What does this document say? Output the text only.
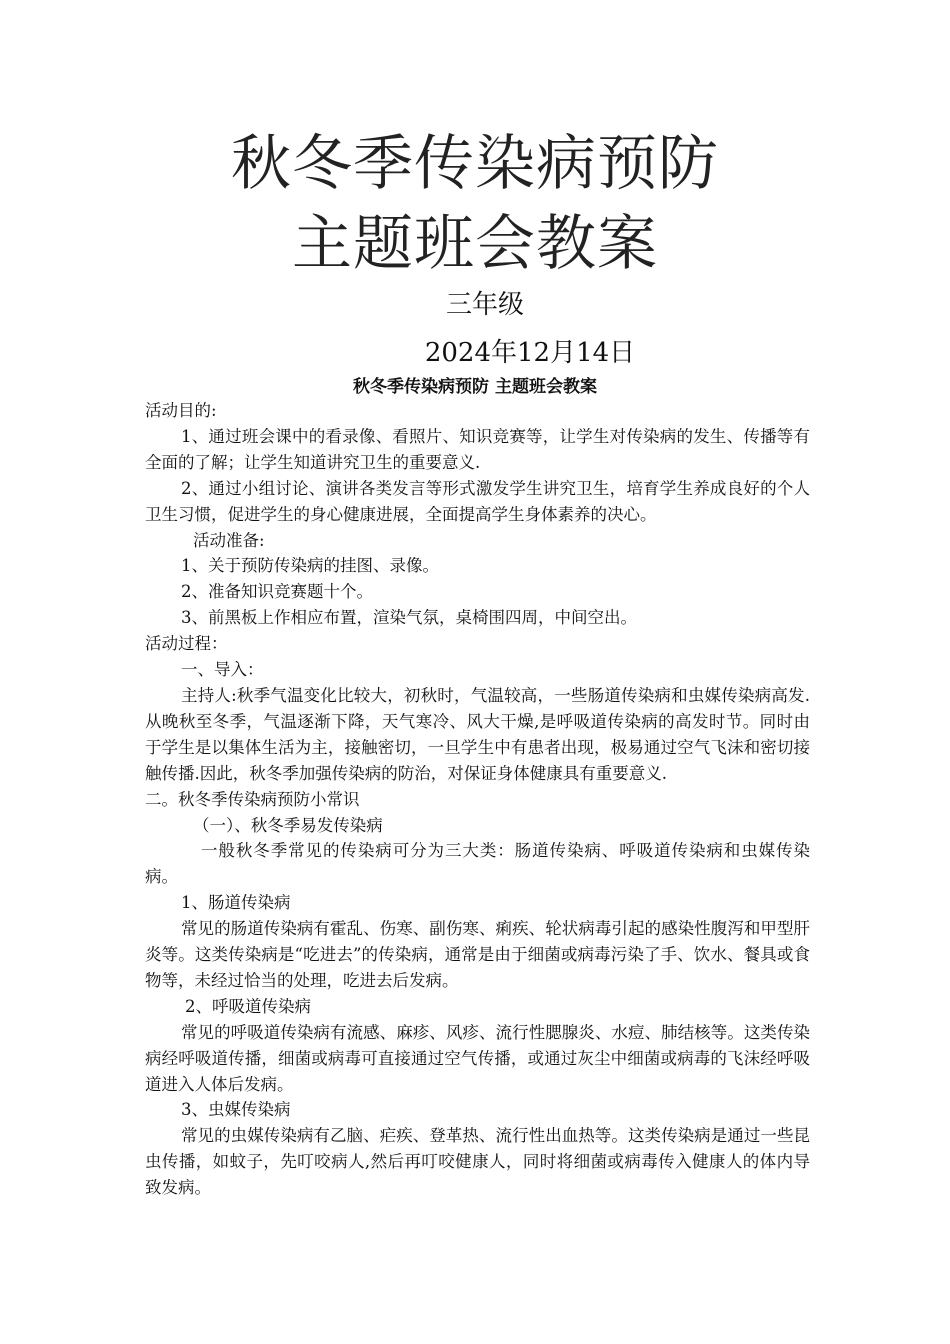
秋冬季传染病预防
主题班会教案
三年级
2024年12月14日
秋冬季传染病预防 主题班会教案

活动目的:

1、通过班会课中的看录像、看照片、知识竞赛等，让学生对传染病的发生、传播等有全面的了解；让学生知道讲究卫生的重要意义.

2、通过小组讨论、演讲各类发言等形式激发学生讲究卫生，培育学生养成良好的个人卫生习惯，促进学生的身心健康进展，全面提高学生身体素养的决心。

活动准备:

1、关于预防传染病的挂图、录像。

2、准备知识竞赛题十个。

3、前黑板上作相应布置，渲染气氛，桌椅围四周，中间空出。

活动过程：

一、导入：

主持人:秋季气温变化比较大，初秋时，气温较高，一些肠道传染病和虫媒传染病高发.从晚秋至冬季，气温逐渐下降，天气寒冷、风大干燥,是呼吸道传染病的高发时节。同时由于学生是以集体生活为主，接触密切，一旦学生中有患者出现，极易通过空气飞沫和密切接触传播.因此，秋冬季加强传染病的防治，对保证身体健康具有重要意义.

二。秋冬季传染病预防小常识

（一）、秋冬季易发传染病

一般秋冬季常见的传染病可分为三大类：肠道传染病、呼吸道传染病和虫媒传染病。

1、肠道传染病

常见的肠道传染病有霍乱、伤寒、副伤寒、痢疾、轮状病毒引起的感染性腹泻和甲型肝炎等。这类传染病是“吃进去”的传染病，通常是由于细菌或病毒污染了手、饮水、餐具或食物等，未经过恰当的处理，吃进去后发病。

2、呼吸道传染病

常见的呼吸道传染病有流感、麻疹、风疹、流行性腮腺炎、水痘、肺结核等。这类传染病经呼吸道传播，细菌或病毒可直接通过空气传播，或通过灰尘中细菌或病毒的飞沫经呼吸道进入人体后发病。

3、虫媒传染病

常见的虫媒传染病有乙脑、疟疾、登革热、流行性出血热等。这类传染病是通过一些昆虫传播，如蚊子，先叮咬病人,然后再叮咬健康人，同时将细菌或病毒传入健康人的体内导致发病。
